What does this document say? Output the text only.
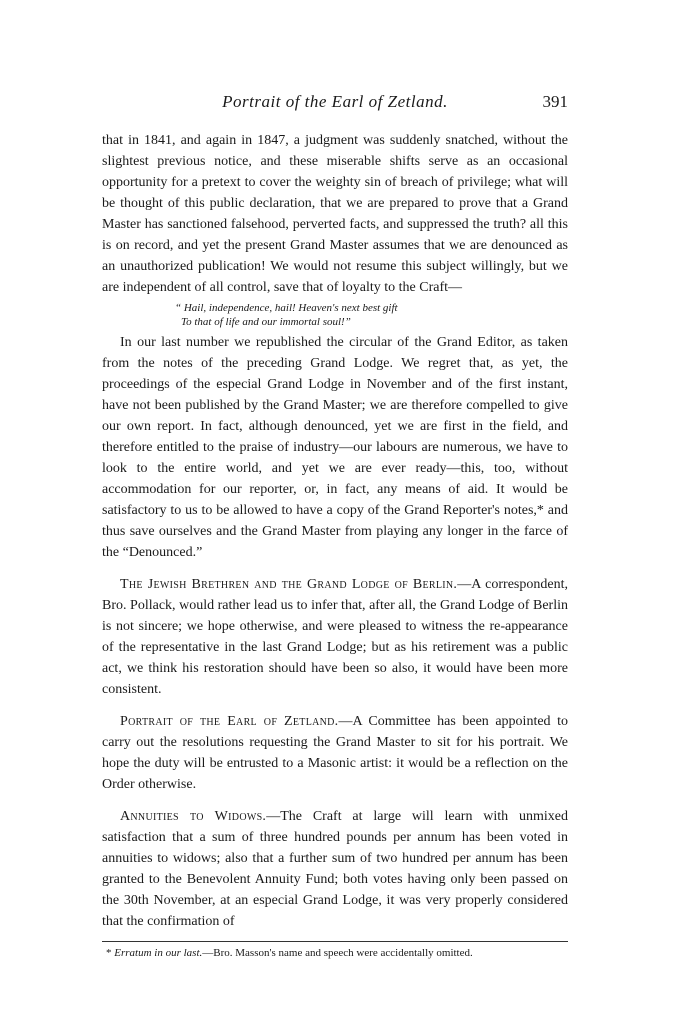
Portrait of the Earl of Zetland.	391

that in 1841, and again in 1847, a judgment was suddenly snatched, without the slightest previous notice, and these miserable shifts serve as an occasional opportunity for a pretext to cover the weighty sin of breach of privilege; what will be thought of this public declaration, that we are prepared to prove that a Grand Master has sanctioned falsehood, perverted facts, and suppressed the truth? all this is on record, and yet the present Grand Master assumes that we are denounced as an unauthorized publication! We would not resume this subject willingly, but we are independent of all control, save that of loyalty to the Craft—

“ Hail, independence, hail! Heaven's next best gift
To that of life and our immortal soul!”

In our last number we republished the circular of the Grand Editor, as taken from the notes of the preceding Grand Lodge. We regret that, as yet, the proceedings of the especial Grand Lodge in November and of the first instant, have not been published by the Grand Master; we are therefore compelled to give our own report. In fact, although denounced, yet we are first in the field, and therefore entitled to the praise of industry—our labours are numerous, we have to look to the entire world, and yet we are ever ready—this, too, without accommodation for our reporter, or, in fact, any means of aid. It would be satisfactory to us to be allowed to have a copy of the Grand Reporter's notes,* and thus save ourselves and the Grand Master from playing any longer in the farce of the “Denounced.”

The Jewish Brethren and the Grand Lodge of Berlin.—A correspondent, Bro. Pollack, would rather lead us to infer that, after all, the Grand Lodge of Berlin is not sincere; we hope otherwise, and were pleased to witness the re-appearance of the representative in the last Grand Lodge; but as his retirement was a public act, we think his restoration should have been so also, it would have been more consistent.

Portrait of the Earl of Zetland.—A Committee has been appointed to carry out the resolutions requesting the Grand Master to sit for his portrait. We hope the duty will be entrusted to a Masonic artist: it would be a reflection on the Order otherwise.

Annuities to Widows.—The Craft at large will learn with unmixed satisfaction that a sum of three hundred pounds per annum has been voted in annuities to widows; also that a further sum of two hundred per annum has been granted to the Benevolent Annuity Fund; both votes having only been passed on the 30th November, at an especial Grand Lodge, it was very properly considered that the confirmation of

* Erratum in our last.—Bro. Masson's name and speech were accidentally omitted.
